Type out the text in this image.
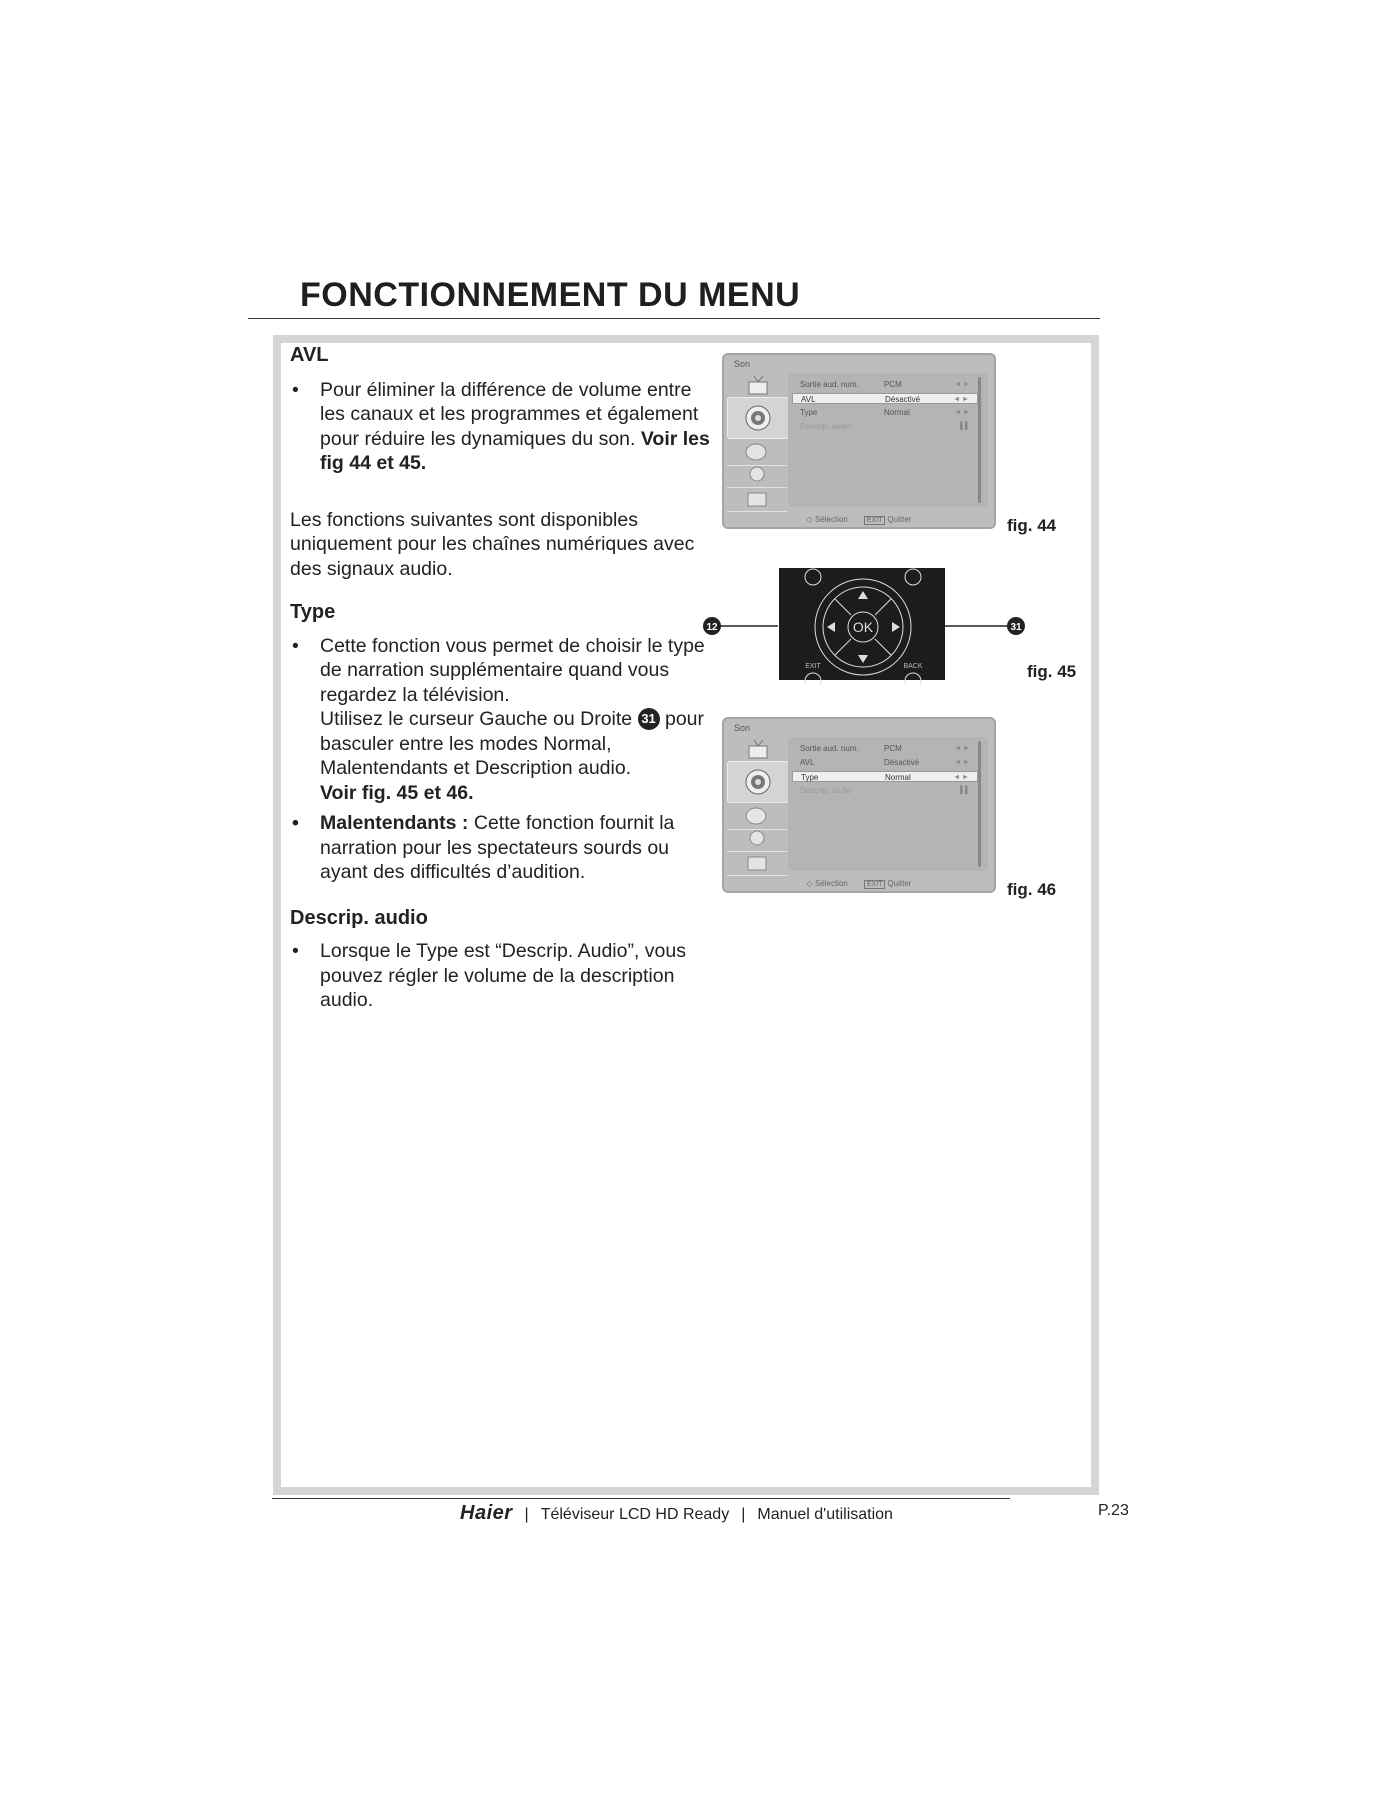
FONCTIONNEMENT DU MENU

AVL

• Pour éliminer la différence de volume entre les canaux et les programmes et également pour réduire les dynamiques du son. Voir les fig 44 et 45.

Les fonctions suivantes sont disponibles uniquement pour les chaînes numériques avec des signaux audio.

Type

• Cette fonction vous permet de choisir le type de narration supplémentaire quand vous regardez la télévision.
Utilisez le curseur Gauche ou Droite 31 pour basculer entre les modes Normal, Malentendants et Description audio.
Voir fig. 45 et 46.

• Malentendants : Cette fonction fournit la narration pour les spectateurs sourds ou ayant des difficultés d’audition.

Descrip. audio

• Lorsque le Type est “Descrip. Audio”, vous pouvez régler le volume de la description audio.

Son
Sortie aud. num.	PCM	◄ ►
AVL	Désactivé	◄ ►
Type	Normal	◄ ►
Descrip. audio	▌▌
◇ Sélection	EXIT Quitter	fig. 44
OK
EXIT	BACK
12	31
fig. 45
Son
Sortie aud. num.	PCM	◄ ►
AVL	Désactivé	◄ ►
Type	Normal	◄ ►
Descrip. audio	▌▌
◇ Sélection	EXIT Quitter	fig. 46
Haier | Téléviseur LCD HD Ready | Manuel d'utilisation	P.23
